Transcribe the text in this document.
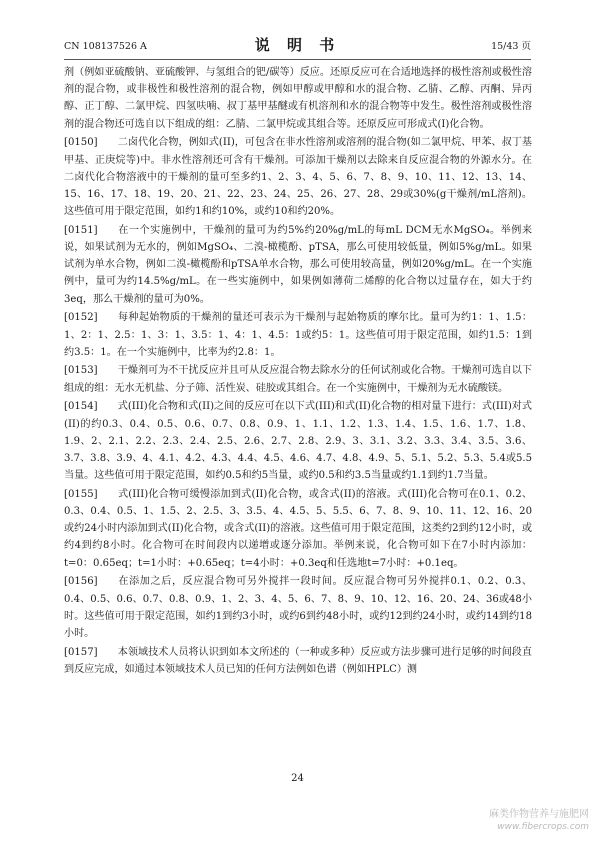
CN 108137526 A	说 明 书	15/43 页

剂（例如亚硫酸钠、亚硫酸钾、与氢组合的钯/碳等）反应。还原反应可在合适地选择的极性溶剂或极性溶剂的混合物，或非极性和极性溶剂的混合物，例如甲醇或甲醇和水的混合物、乙腈、乙醇、丙酮、异丙醇、正丁醇、二氯甲烷、四氢呋喃、叔丁基甲基醚或有机溶剂和水的混合物等中发生。极性溶剂或极性溶剂的混合物还可选自以下组成的组：乙腈、二氯甲烷或其组合等。还原反应可形成式(I)化合物。

[0150]   二卤代化合物，例如式(II)，可包含在非水性溶剂或溶剂的混合物(如二氯甲烷、甲苯、叔丁基甲基、正庚烷等)中。非水性溶剂还可含有干燥剂。可添加干燥剂以去除来自反应混合物的外源水分。在二卤代化合物溶液中的干燥剂的量可至多约1、2、3、4、5、6、7、8、9、10、11、12、13、14、15、16、17、18、19、20、21、22、23、24、25、26、27、28、29或30%(g干燥剂/mL溶剂)。这些值可用于限定范围，如约1和约10%，或约10和约20%。

[0151]   在一个实施例中，干燥剂的量可为约5%约20%g/mL的每mL DCM无水MgSO₄。举例来说，如果试剂为无水的，例如MgSO₄、二溴-橄榄酚、pTSA，那么可使用较低量，例如5%g/mL。如果试剂为单水合物，例如二溴-橄榄酚和pTSA单水合物，那么可使用较高量，例如20%g/mL。在一个实施例中，量可为约14.5%g/mL。在一些实施例中，如果例如薄荷二烯醇的化合物以过量存在，如大于约3eq，那么干燥剂的量可为0%。

[0152]   每种起始物质的干燥剂的量还可表示为干燥剂与起始物质的摩尔比。量可为约1：1、1.5：1、2：1、2.5：1、3：1、3.5：1、4：1、4.5：1或约5：1。这些值可用于限定范围，如约1.5：1到约3.5：1。在一个实施例中，比率为约2.8：1。

[0153]   干燥剂可为不干扰反应并且可从反应混合物去除水分的任何试剂或化合物。干燥剂可选自以下组成的组：无水无机盐、分子筛、活性炭、硅胶或其组合。在一个实施例中，干燥剂为无水硫酸镁。

[0154]   式(III)化合物和式(II)之间的反应可在以下式(III)和式(II)化合物的相对量下进行：式(III)对式(II)的约0.3、0.4、0.5、0.6、0.7、0.8、0.9、1、1.1、1.2、1.3、1.4、1.5、1.6、1.7、1.8、1.9、2、2.1、2.2、2.3、2.4、2.5、2.6、2.7、2.8、2.9、3、3.1、3.2、3.3、3.4、3.5、3.6、3.7、3.8、3.9、4、4.1、4.2、4.3、4.4、4.5、4.6、4.7、4.8、4.9、5、5.1、5.2、5.3、5.4或5.5当量。这些值可用于限定范围，如约0.5和约5当量，或约0.5和约3.5当量或约1.1到约1.7当量。

[0155]   式(III)化合物可缓慢添加到式(II)化合物，或含式(II)的溶液。式(III)化合物可在0.1、0.2、0.3、0.4、0.5、1、1.5、2、2.5、3、3.5、4、4.5、5、5.5、6、7、8、9、10、11、12、16、20或约24小时内添加到式(II)化合物，或含式(II)的溶液。这些值可用于限定范围，这类约2到约12小时，或约4到约8小时。化合物可在时间段内以递增或逐分添加。举例来说，化合物可如下在7小时内添加：t=0：0.65eq；t=1小时：+0.65eq；t=4小时：+0.3eq和任选地t=7小时：+0.1eq。

[0156]   在添加之后，反应混合物可另外搅拌一段时间。反应混合物可另外搅拌0.1、0.2、0.3、0.4、0.5、0.6、0.7、0.8、0.9、1、2、3、4、5、6、7、8、9、10、12、16、20、24、36或48小时。这些值可用于限定范围，如约1到约3小时，或约6到约48小时，或约12到约24小时，或约14到约18小时。

[0157]   本领域技术人员将认识到如本文所述的（一种或多种）反应或方法步骤可进行足够的时间段直到反应完成，如通过本领域技术人员已知的任何方法例如色谱（例如HPLC）测

24
麻类作物营养与施肥网
www.fibercrops.com
